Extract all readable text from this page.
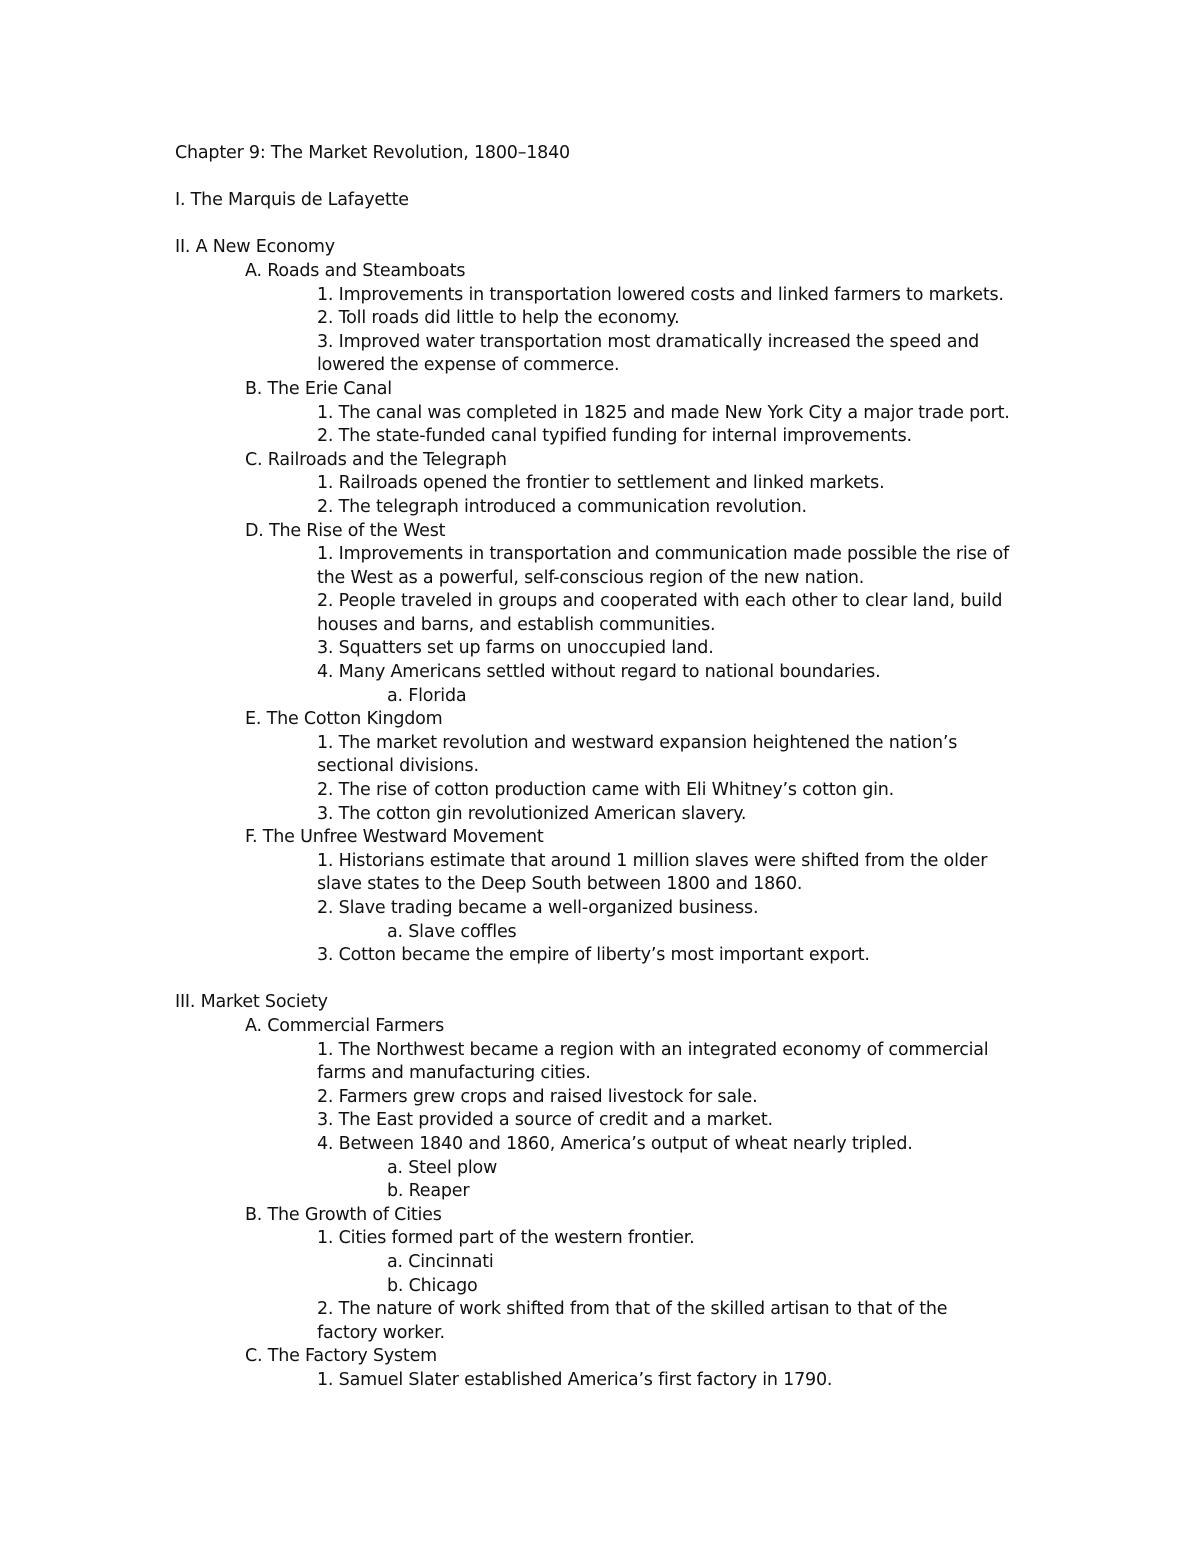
Chapter 9: The Market Revolution, 1800–1840
I. The Marquis de Lafayette
II. A New Economy
A. Roads and Steamboats
1. Improvements in transportation lowered costs and linked farmers to markets.
2. Toll roads did little to help the economy.
3. Improved water transportation most dramatically increased the speed and
lowered the expense of commerce.
B. The Erie Canal
1. The canal was completed in 1825 and made New York City a major trade port.
2. The state-funded canal typified funding for internal improvements.
C. Railroads and the Telegraph
1. Railroads opened the frontier to settlement and linked markets.
2. The telegraph introduced a communication revolution.
D. The Rise of the West
1. Improvements in transportation and communication made possible the rise of
the West as a powerful, self-conscious region of the new nation.
2. People traveled in groups and cooperated with each other to clear land, build
houses and barns, and establish communities.
3. Squatters set up farms on unoccupied land.
4. Many Americans settled without regard to national boundaries.
a. Florida
E. The Cotton Kingdom
1. The market revolution and westward expansion heightened the nation’s
sectional divisions.
2. The rise of cotton production came with Eli Whitney’s cotton gin.
3. The cotton gin revolutionized American slavery.
F. The Unfree Westward Movement
1. Historians estimate that around 1 million slaves were shifted from the older
slave states to the Deep South between 1800 and 1860.
2. Slave trading became a well-organized business.
a. Slave coffles
3. Cotton became the empire of liberty’s most important export.
III. Market Society
A. Commercial Farmers
1. The Northwest became a region with an integrated economy of commercial
farms and manufacturing cities.
2. Farmers grew crops and raised livestock for sale.
3. The East provided a source of credit and a market.
4. Between 1840 and 1860, America’s output of wheat nearly tripled.
a. Steel plow
b. Reaper
B. The Growth of Cities
1. Cities formed part of the western frontier.
a. Cincinnati
b. Chicago
2. The nature of work shifted from that of the skilled artisan to that of the
factory worker.
C. The Factory System
1. Samuel Slater established America’s first factory in 1790.
